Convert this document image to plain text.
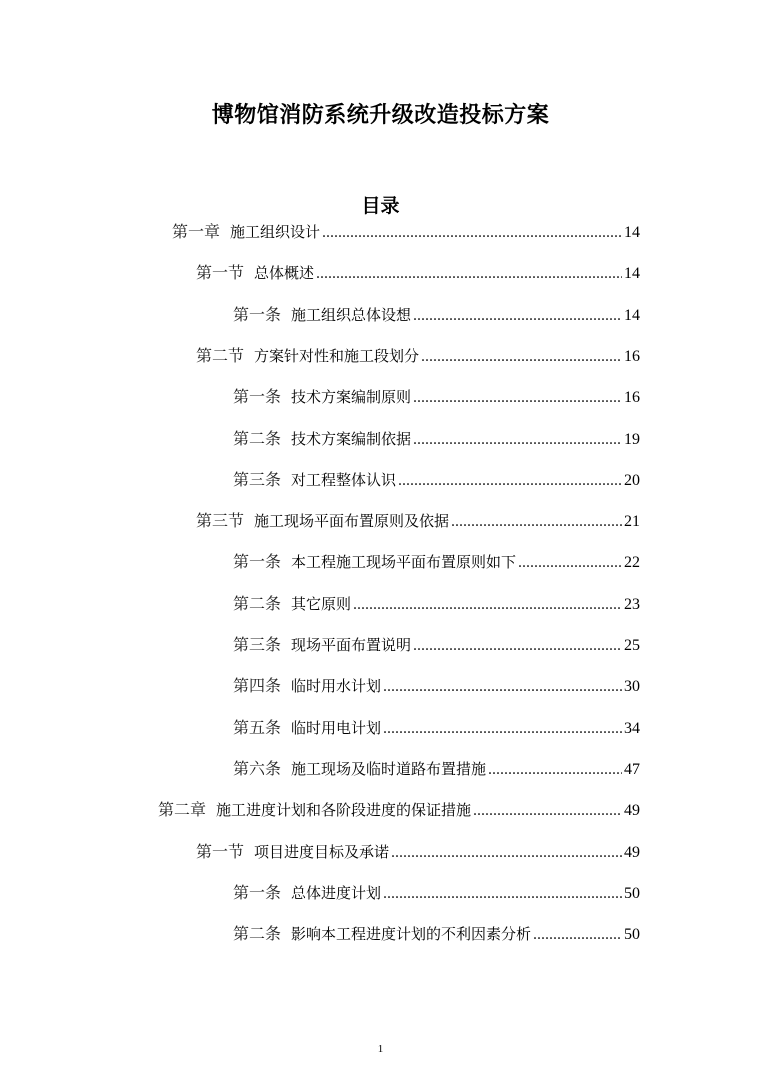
博物馆消防系统升级改造投标方案
目录
第一章 施工组织设计 .....	14
第一节 总体概述 .....	14
第一条 施工组织总体设想 .....	14
第二节 方案针对性和施工段划分 .....	16
第一条 技术方案编制原则 .....	16
第二条 技术方案编制依据 .....	19
第三条 对工程整体认识 .....	20
第三节 施工现场平面布置原则及依据 .....	21
第一条 本工程施工现场平面布置原则如下 .....	22
第二条 其它原则 .....	23
第三条 现场平面布置说明 .....	25
第四条 临时用水计划 .....	30
第五条 临时用电计划 .....	34
第六条 施工现场及临时道路布置措施 .....	47
第二章 施工进度计划和各阶段进度的保证措施 .....	49
第一节 项目进度目标及承诺 .....	49
第一条 总体进度计划 .....	50
第二条 影响本工程进度计划的不利因素分析 .....	50
1
